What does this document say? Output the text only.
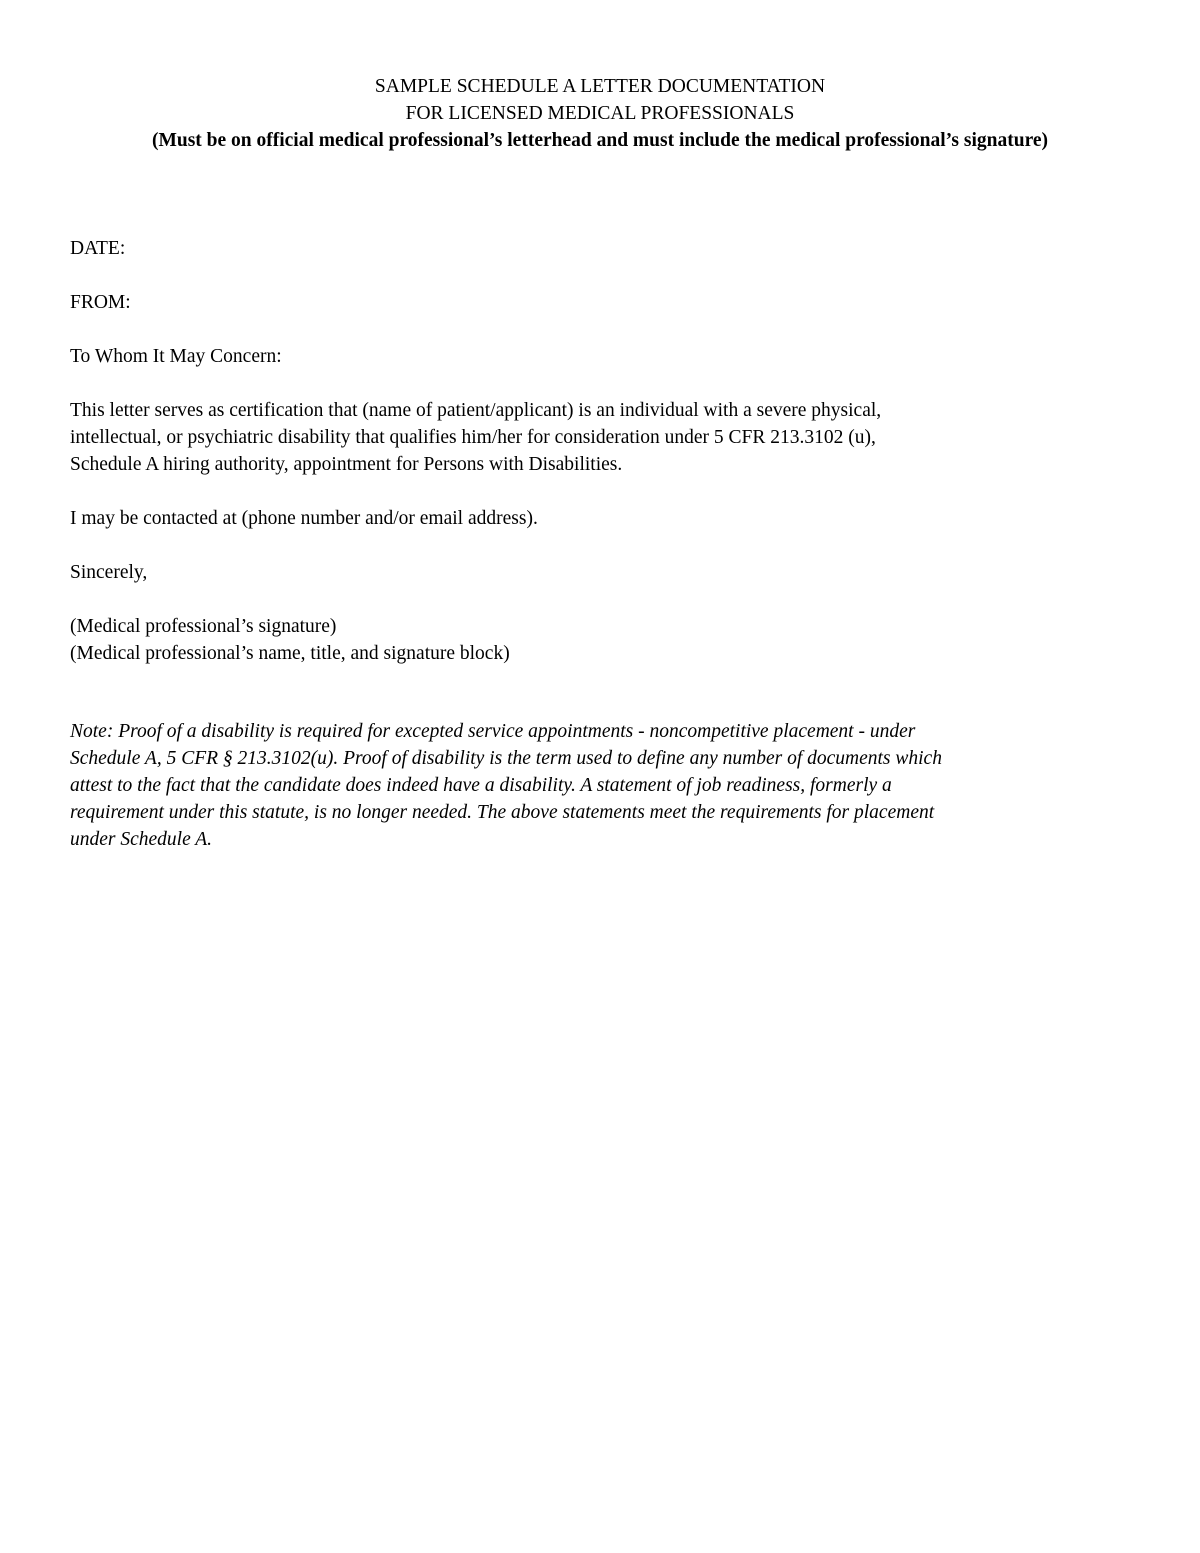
SAMPLE SCHEDULE A LETTER DOCUMENTATION
FOR LICENSED MEDICAL PROFESSIONALS
(Must be on official medical professional’s letterhead and must include the medical professional’s signature)

DATE:

FROM:

To Whom It May Concern:

This letter serves as certification that (name of patient/applicant) is an individual with a severe physical,
intellectual, or psychiatric disability that qualifies him/her for consideration under 5 CFR 213.3102 (u),
Schedule A hiring authority, appointment for Persons with Disabilities.

I may be contacted at (phone number and/or email address).

Sincerely,

(Medical professional’s signature)
(Medical professional’s name, title, and signature block)
Note: Proof of a disability is required for excepted service appointments - noncompetitive placement - under
Schedule A, 5 CFR § 213.3102(u). Proof of disability is the term used to define any number of documents which
attest to the fact that the candidate does indeed have a disability. A statement of job readiness, formerly a
requirement under this statute, is no longer needed. The above statements meet the requirements for placement
under Schedule A.
